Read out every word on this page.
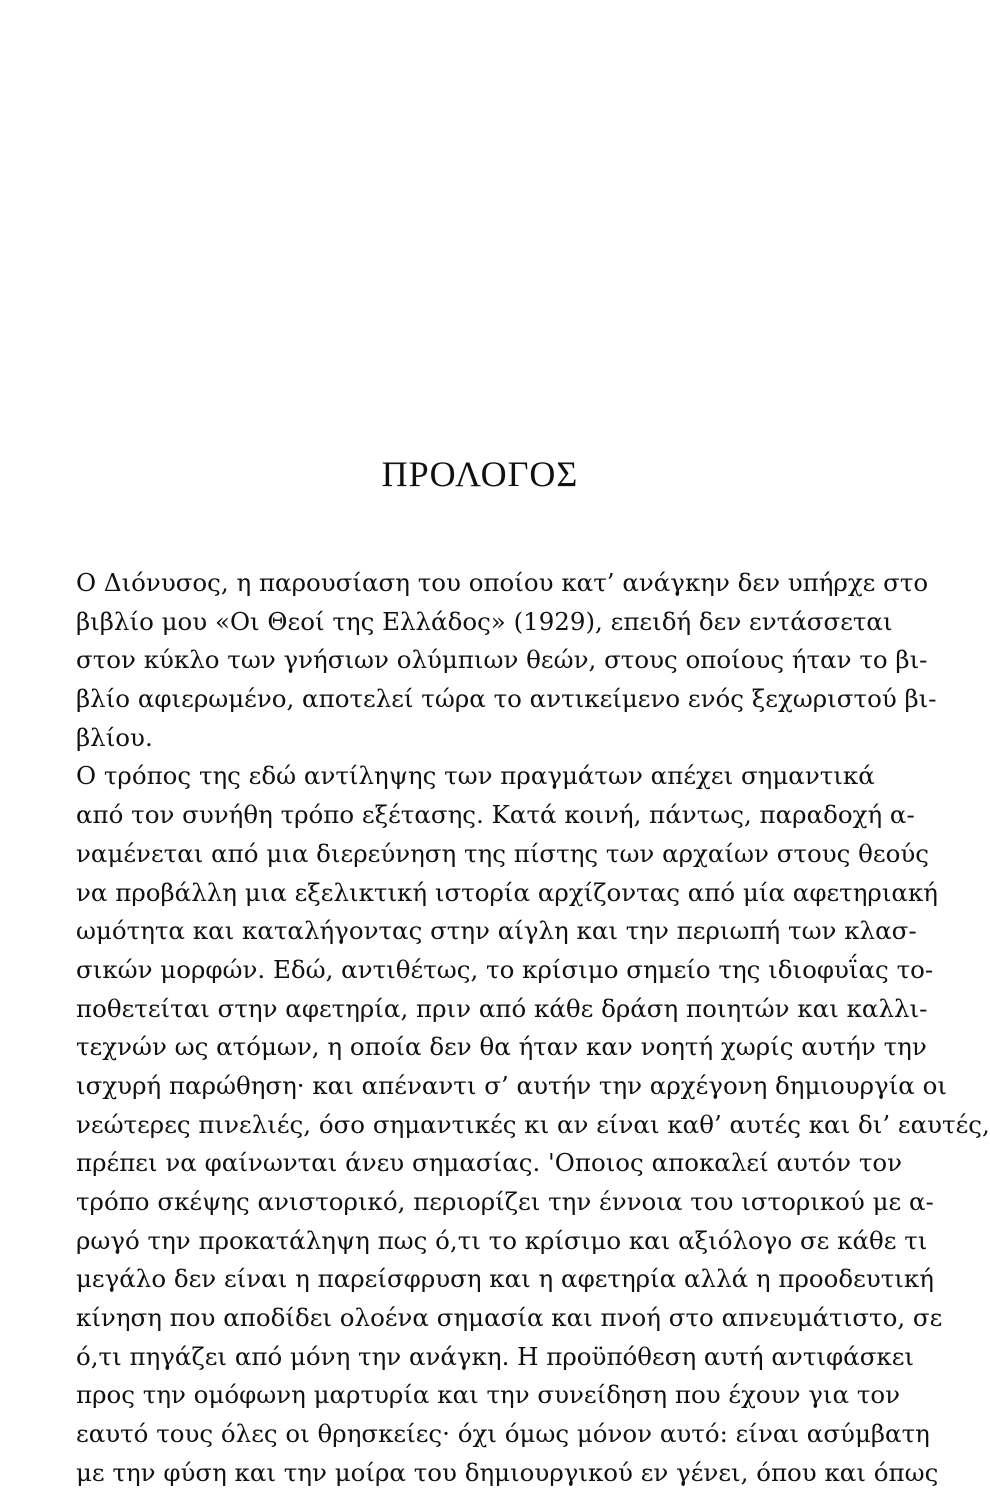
ΠΡΟΛΟΓΟΣ
Ο Διόνυσος, η παρουσίαση του οποίου κατ’ ανάγκην δεν υπήρχε στο
βιβλίο μου «Οι Θεοί της Ελλάδος» (1929), επειδή δεν εντάσσεται
στον κύκλο των γνήσιων ολύμπιων θεών, στους οποίους ήταν το βι-
βλίο αφιερωμένο, αποτελεί τώρα το αντικείμενο ενός ξεχωριστού βι-
βλίου.
Ο τρόπος της εδώ αντίληψης των πραγμάτων απέχει σημαντικά
από τον συνήθη τρόπο εξέτασης. Κατά κοινή, πάντως, παραδοχή α-
ναμένεται από μια διερεύνηση της πίστης των αρχαίων στους θεούς
να προβάλλη μια εξελικτική ιστορία αρχίζοντας από μία αφετηριακή
ωμότητα και καταλήγοντας στην αίγλη και την περιωπή των κλασ-
σικών μορφών. Εδώ, αντιθέτως, το κρίσιμο σημείο της ιδιοφυΐας το-
ποθετείται στην αφετηρία, πριν από κάθε δράση ποιητών και καλλι-
τεχνών ως ατόμων, η οποία δεν θα ήταν καν νοητή χωρίς αυτήν την
ισχυρή παρώθηση· και απέναντι σ’ αυτήν την αρχέγονη δημιουργία οι
νεώτερες πινελιές, όσο σημαντικές κι αν είναι καθ’ αυτές και δι’ εαυτές,
πρέπει να φαίνωνται άνευ σημασίας. 'Οποιος αποκαλεί αυτόν τον
τρόπο σκέψης ανιστορικό, περιορίζει την έννοια του ιστορικού με α-
ρωγό την προκατάληψη πως ό,τι το κρίσιμο και αξιόλογο σε κάθε τι
μεγάλο δεν είναι η παρείσφρυση και η αφετηρία αλλά η προοδευτική
κίνηση που αποδίδει ολοένα σημασία και πνοή στο απνευμάτιστο, σε
ό,τι πηγάζει από μόνη την ανάγκη. Η προϋπόθεση αυτή αντιφάσκει
προς την ομόφωνη μαρτυρία και την συνείδηση που έχουν για τον
εαυτό τους όλες οι θρησκείες· όχι όμως μόνον αυτό: είναι ασύμβατη
με την φύση και την μοίρα του δημιουργικού εν γένει, όπου και όπως
